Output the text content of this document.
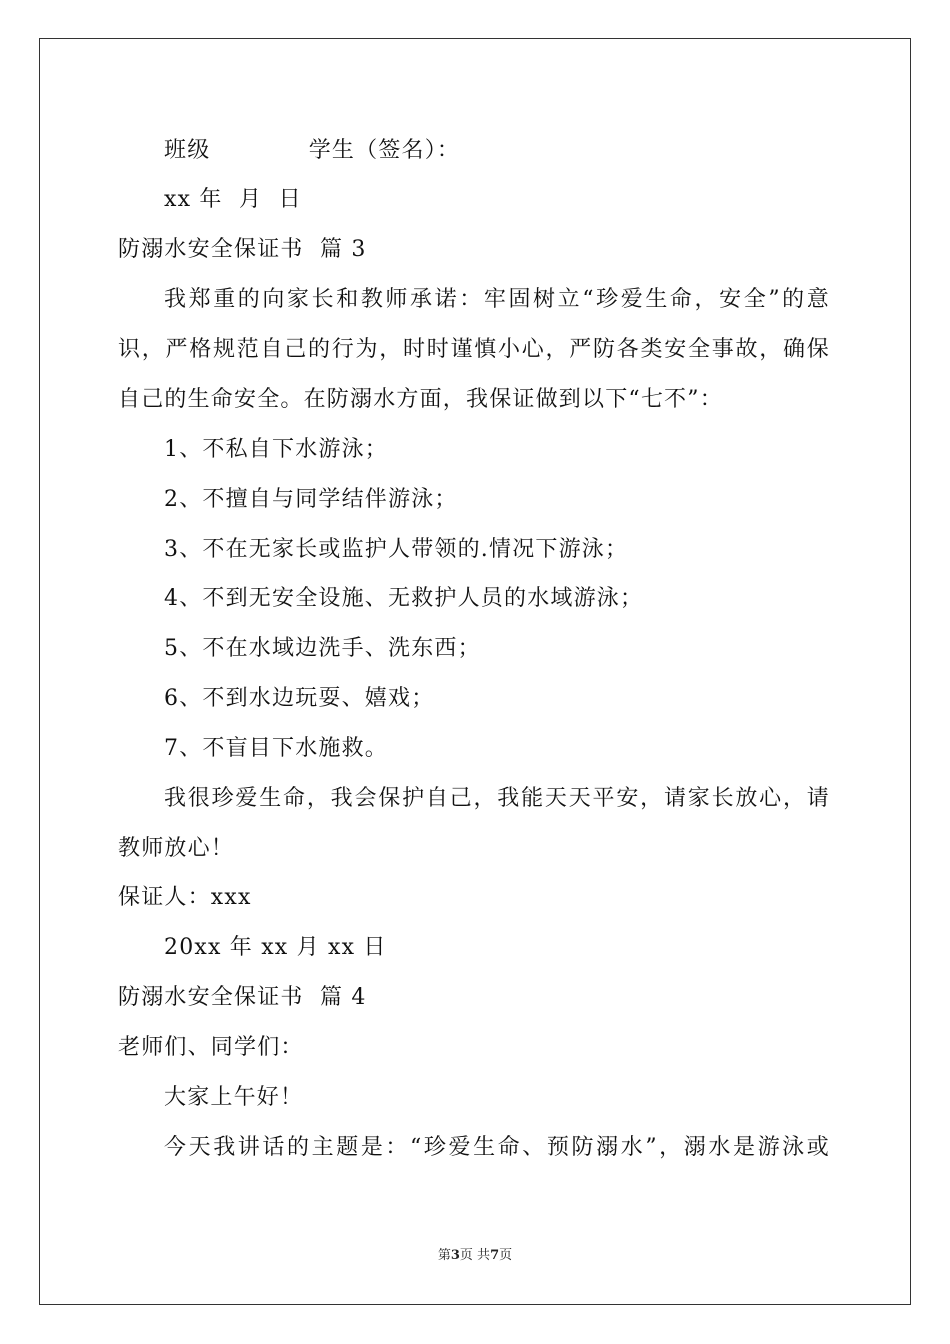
班级            学生（签名）：
xx 年  月  日
防溺水安全保证书  篇 3
我郑重的向家长和教师承诺：牢固树立“珍爱生命，安全”的意
识，严格规范自己的行为，时时谨慎小心，严防各类安全事故，确保
自己的生命安全。在防溺水方面，我保证做到以下“七不”：
1、不私自下水游泳；
2、不擅自与同学结伴游泳；
3、不在无家长或监护人带领的.情况下游泳；
4、不到无安全设施、无救护人员的水域游泳；
5、不在水域边洗手、洗东西；
6、不到水边玩耍、嬉戏；
7、不盲目下水施救。
我很珍爱生命，我会保护自己，我能天天平安，请家长放心，请
教师放心！
保证人：xxx
20xx 年 xx 月 xx 日
防溺水安全保证书  篇 4
老师们、同学们：
大家上午好！
今天我讲话的主题是：“珍爱生命、预防溺水”，溺水是游泳或
第3页 共7页
